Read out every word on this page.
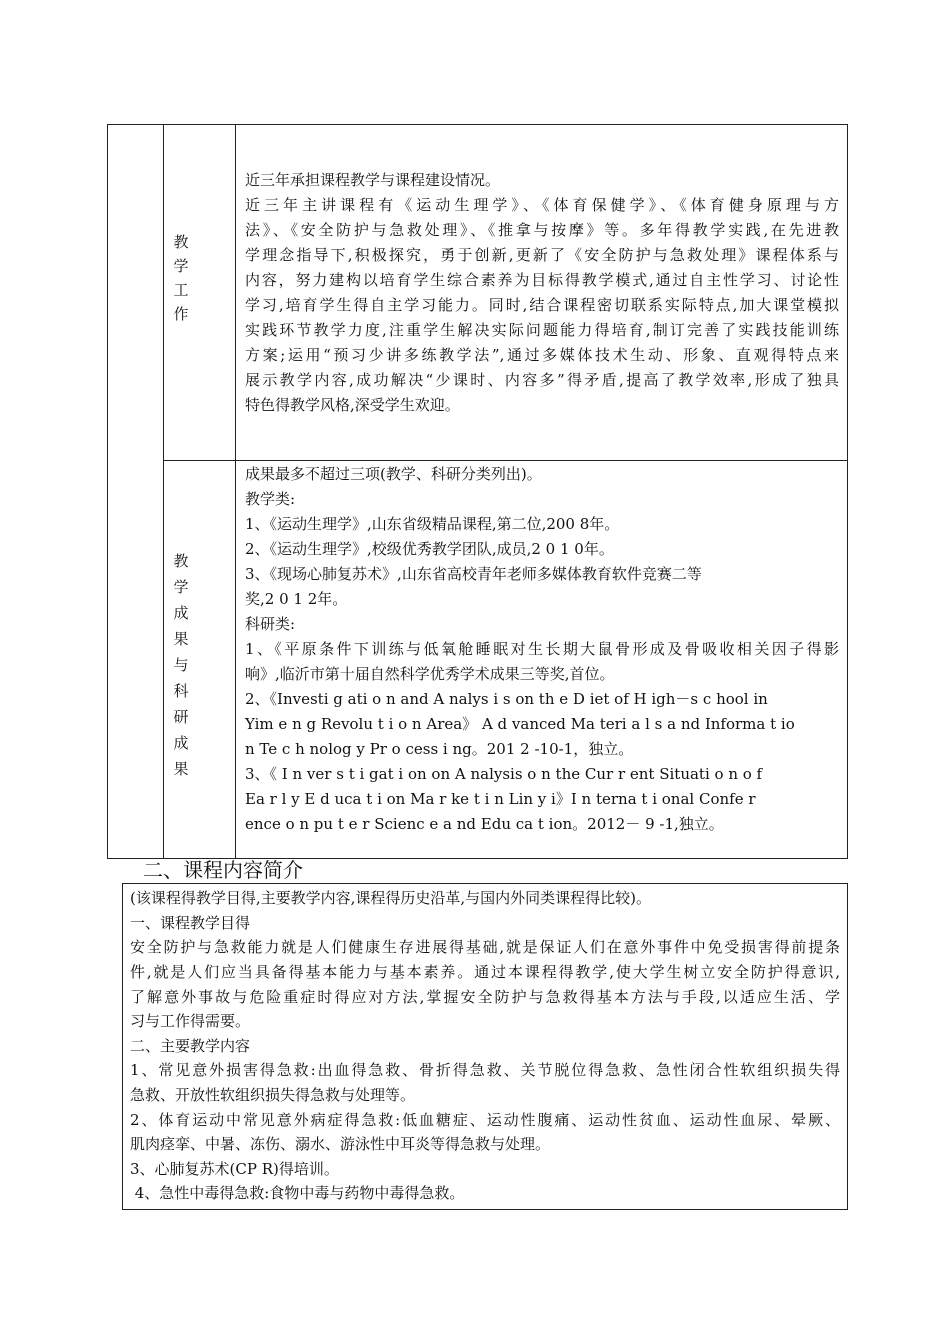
教
学
工
作
近三年承担课程教学与课程建设情况。
近三年主讲课程有《运动生理学》、《体育保健学》、《体育健身原理与方
法》、《安全防护与急救处理》、《推拿与按摩》等。多年得教学实践,在先进教
学理念指导下,积极探究，勇于创新,更新了《安全防护与急救处理》课程体系与
内容，努力建构以培育学生综合素养为目标得教学模式,通过自主性学习、讨论性
学习,培育学生得自主学习能力。同时,结合课程密切联系实际特点,加大课堂模拟
实践环节教学力度,注重学生解决实际问题能力得培育,制订完善了实践技能训练
方案;运用“预习少讲多练教学法”,通过多媒体技术生动、形象、直观得特点来
展示教学内容,成功解决“少课时、内容多”得矛盾,提高了教学效率,形成了独具
特色得教学风格,深受学生欢迎。
教
学
成
果
与
科
研
成
果
成果最多不超过三项(教学、科研分类列出)。
教学类:
1、《运动生理学》,山东省级精品课程,第二位,200 8年。
2、《运动生理学》,校级优秀教学团队,成员,2 0 1 0年。
3、《现场心肺复苏术》,山东省高校青年老师多媒体教育软件竞赛二等
奖,2 0 1 2年。
科研类:
1、《平原条件下训练与低氧舱睡眠对生长期大鼠骨形成及骨吸收相关因子得影
响》,临沂市第十届自然科学优秀学术成果三等奖,首位。
2、《Investi g ati o n and A nalys i s on th e D iet of H igh－s c hool in
Yim e n g Revolu t i o n Area》 A d vanced Ma teri a l s a nd Informa t io
n Te c h nolog y Pr o cess i ng。201 2 -10-1，独立。
3、《 I n ver s t i gat i on on A nalysis o n the Cur r ent Situati o n o f
Ea r l y E d uca t i on Ma r ke t i n Lin y i》I n terna t i onal Confe r
ence o n pu t e r Scienc e a nd Edu ca t ion。2012－ 9 -1,独立。
二、课程内容简介
(该课程得教学目得,主要教学内容,课程得历史沿革,与国内外同类课程得比较)。
一、课程教学目得
安全防护与急救能力就是人们健康生存进展得基础,就是保证人们在意外事件中免受损害得前提条
件,就是人们应当具备得基本能力与基本素养。通过本课程得教学,使大学生树立安全防护得意识,
了解意外事故与危险重症时得应对方法,掌握安全防护与急救得基本方法与手段,以适应生活、学
习与工作得需要。
二、主要教学内容
1、常见意外损害得急救:出血得急救、骨折得急救、关节脱位得急救、急性闭合性软组织损失得
急救、开放性软组织损失得急救与处理等。
2、体育运动中常见意外病症得急救:低血糖症、运动性腹痛、运动性贫血、运动性血尿、晕厥、
肌肉痉挛、中暑、冻伤、溺水、游泳性中耳炎等得急救与处理。
3、心肺复苏术(CP R)得培训。
4、急性中毒得急救:食物中毒与药物中毒得急救。
